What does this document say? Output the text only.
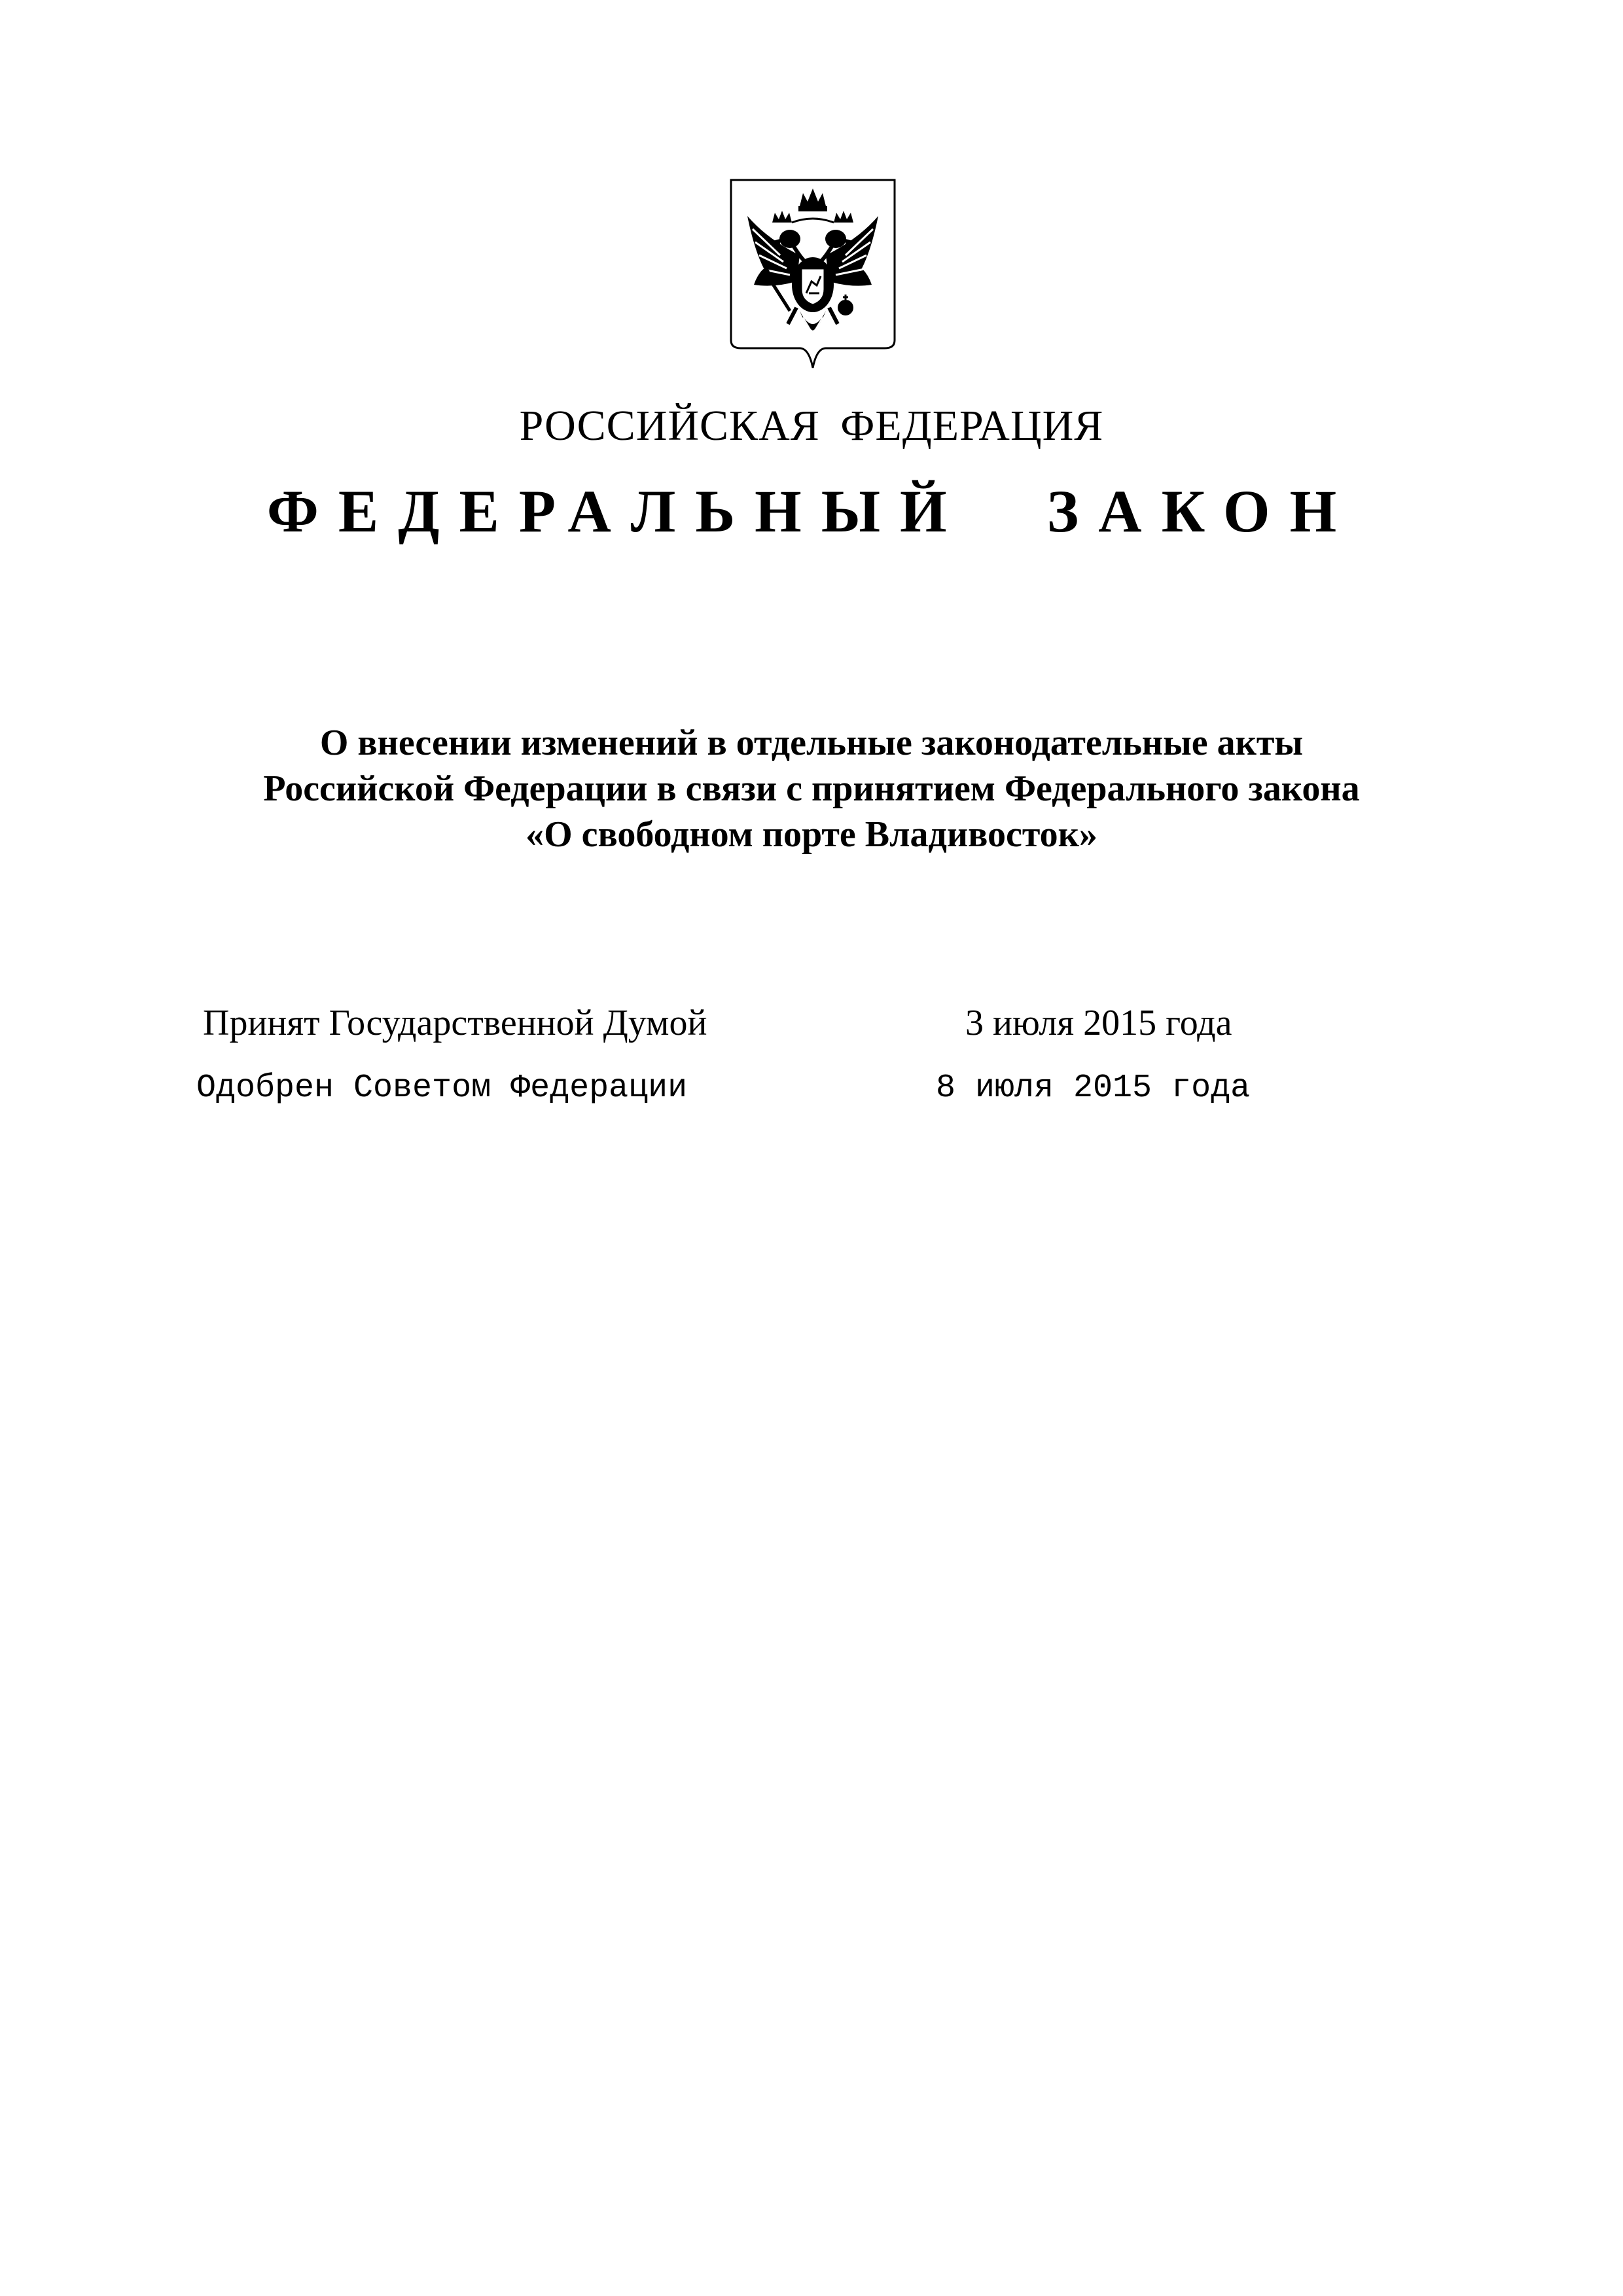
РОССИЙСКАЯ ФЕДЕРАЦИЯ
ФЕДЕРАЛЬНЫЙ ЗАКОН
О внесении изменений в отдельные законодательные акты
Российской Федерации в связи с принятием Федерального закона
«О свободном порте Владивосток»
Принят Государственной Думой	3 июля 2015 года
Одобрен Советом Федерации	8 июля 2015 года
